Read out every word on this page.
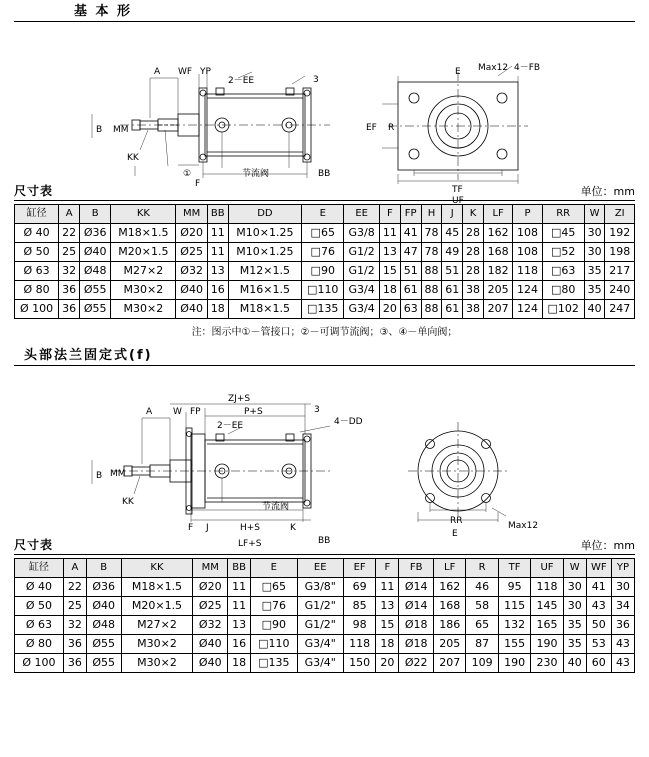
基 本 形
A WF YP
2－EE	3
B MM
KK
①
F
节流阀	BB
E Max12 4－FB
EF R
TF
UF
尺寸表	单位：mm
缸径	A	B	KK	MM	BB	DD	E	EE	F	FP	H	J	K	LF	P	RR	W	ZI
Ø 40	22	Ø36	M18×1.5	Ø20	11	M10×1.25	□65	G3/8	11	41	78	45	28	162	108	□45	30	192
Ø 50	25	Ø40	M20×1.5	Ø25	11	M10×1.25	□76	G1/2	13	47	78	49	28	168	108	□52	30	198
Ø 63	32	Ø48	M27×2	Ø32	13	M12×1.5	□90	G1/2	15	51	88	51	28	182	118	□63	35	217
Ø 80	36	Ø55	M30×2	Ø40	16	M16×1.5	□110	G3/4	18	61	88	61	38	205	124	□80	35	240
Ø 100	36	Ø55	M30×2	Ø40	18	M18×1.5	□135	G3/4	20	63	88	61	38	207	124	□102	40	247
注：图示中①－管接口；②－可调节流阀；③、④－单向阀；
头部法兰固定式(f)
ZJ+S
A W FP	P+S	3
4－DD
2－EE
B MM
KK	节流阀
F J	H+S	K
LF+S	BB
RR
E
Max12
尺寸表	单位：mm
缸径	A	B	KK	MM	BB	E	EE	EF	F	FB	LF	R	TF	UF	W	WF	YP
Ø 40	22	Ø36	M18×1.5	Ø20	11	□65	G3/8"	69	11	Ø14	162	46	95	118	30	41	30
Ø 50	25	Ø40	M20×1.5	Ø25	11	□76	G1/2"	85	13	Ø14	168	58	115	145	30	43	34
Ø 63	32	Ø48	M27×2	Ø32	13	□90	G1/2"	98	15	Ø18	186	65	132	165	35	50	36
Ø 80	36	Ø55	M30×2	Ø40	16	□110	G3/4"	118	18	Ø18	205	87	155	190	35	53	43
Ø 100	36	Ø55	M30×2	Ø40	18	□135	G3/4"	150	20	Ø22	207	109	190	230	40	60	43
